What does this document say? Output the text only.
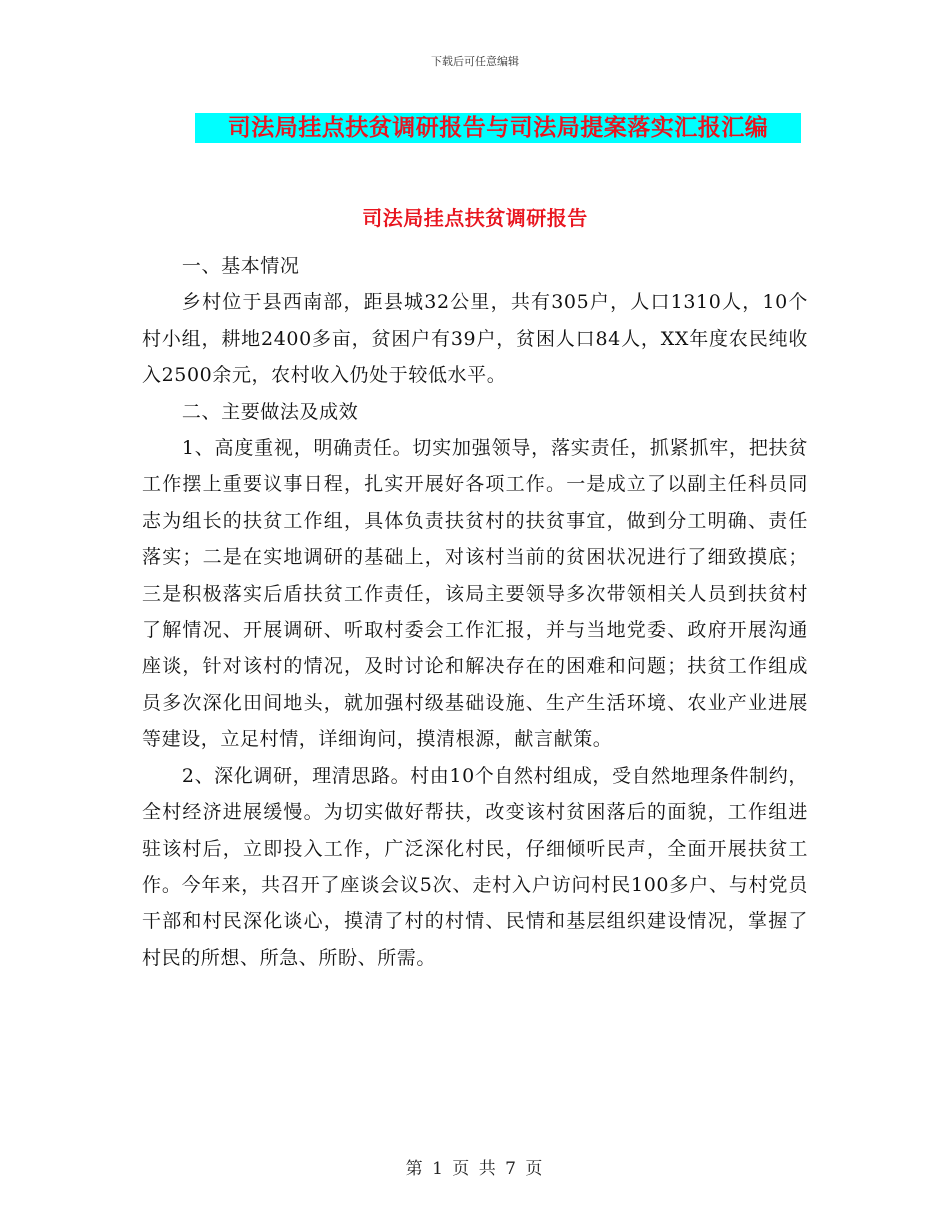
下载后可任意编辑
司法局挂点扶贫调研报告与司法局提案落实汇报汇编
司法局挂点扶贫调研报告

一、基本情况

乡村位于县西南部，距县城32公里，共有305户，人口1310人，10个村小组，耕地2400多亩，贫困户有39户，贫困人口84人，XX年度农民纯收入2500余元，农村收入仍处于较低水平。

二、主要做法及成效

1、高度重视，明确责任。切实加强领导，落实责任，抓紧抓牢，把扶贫工作摆上重要议事日程，扎实开展好各项工作。一是成立了以副主任科员同志为组长的扶贫工作组，具体负责扶贫村的扶贫事宜，做到分工明确、责任落实；二是在实地调研的基础上，对该村当前的贫困状况进行了细致摸底；三是积极落实后盾扶贫工作责任，该局主要领导多次带领相关人员到扶贫村了解情况、开展调研、听取村委会工作汇报，并与当地党委、政府开展沟通座谈，针对该村的情况，及时讨论和解决存在的困难和问题；扶贫工作组成员多次深化田间地头，就加强村级基础设施、生产生活环境、农业产业进展等建设，立足村情，详细询问，摸清根源，献言献策。

2、深化调研，理清思路。村由10个自然村组成，受自然地理条件制约，全村经济进展缓慢。为切实做好帮扶，改变该村贫困落后的面貌，工作组进驻该村后，立即投入工作，广泛深化村民，仔细倾听民声，全面开展扶贫工作。今年来，共召开了座谈会议5次、走村入户访问村民100多户、与村党员干部和村民深化谈心，摸清了村的村情、民情和基层组织建设情况，掌握了村民的所想、所急、所盼、所需。

第 1 页 共 7 页
